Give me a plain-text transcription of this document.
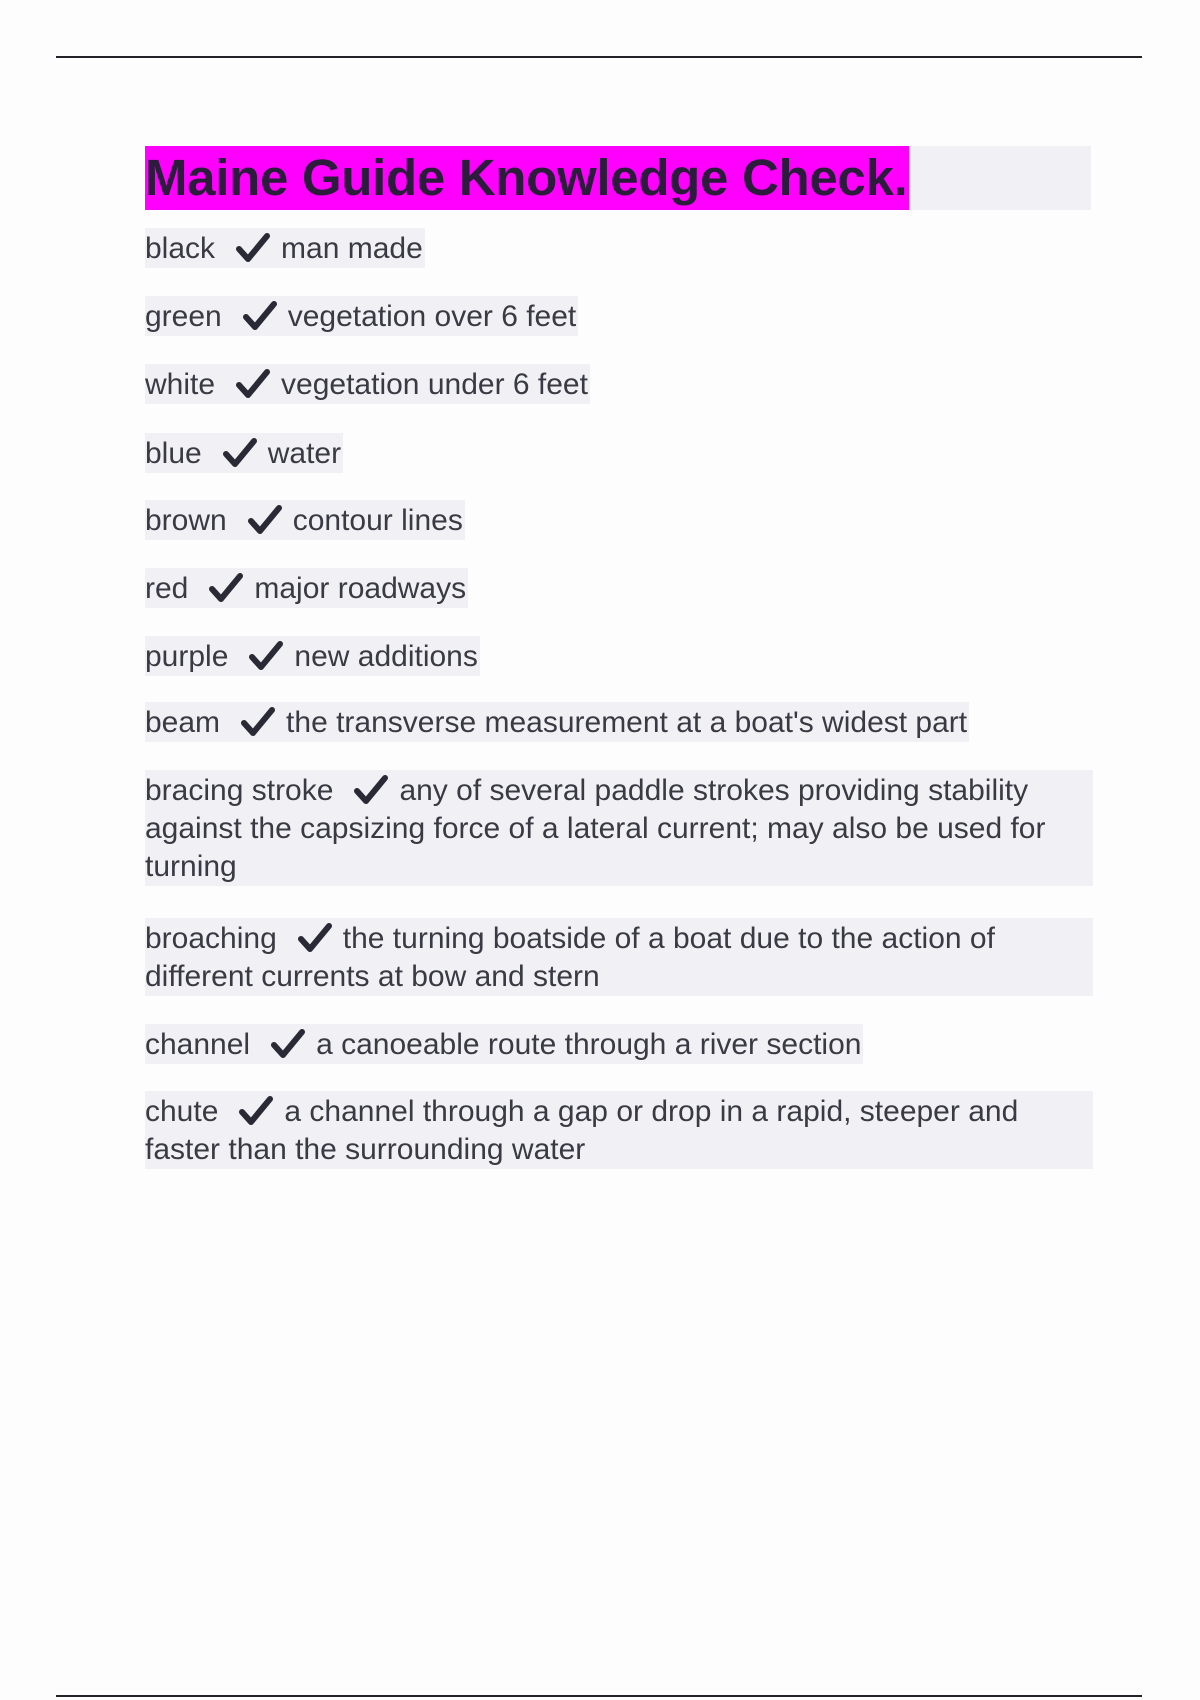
Maine Guide Knowledge Check.
black man made
green vegetation over 6 feet
white vegetation under 6 feet
blue water
brown contour lines
red major roadways
purple new additions
beam the transverse measurement at a boat's widest part
bracing stroke any of several paddle strokes providing stability against the capsizing force of a lateral current; may also be used for turning
broaching the turning boatside of a boat due to the action of different currents at bow and stern
channel a canoeable route through a river section
chute a channel through a gap or drop in a rapid, steeper and faster than the surrounding water
